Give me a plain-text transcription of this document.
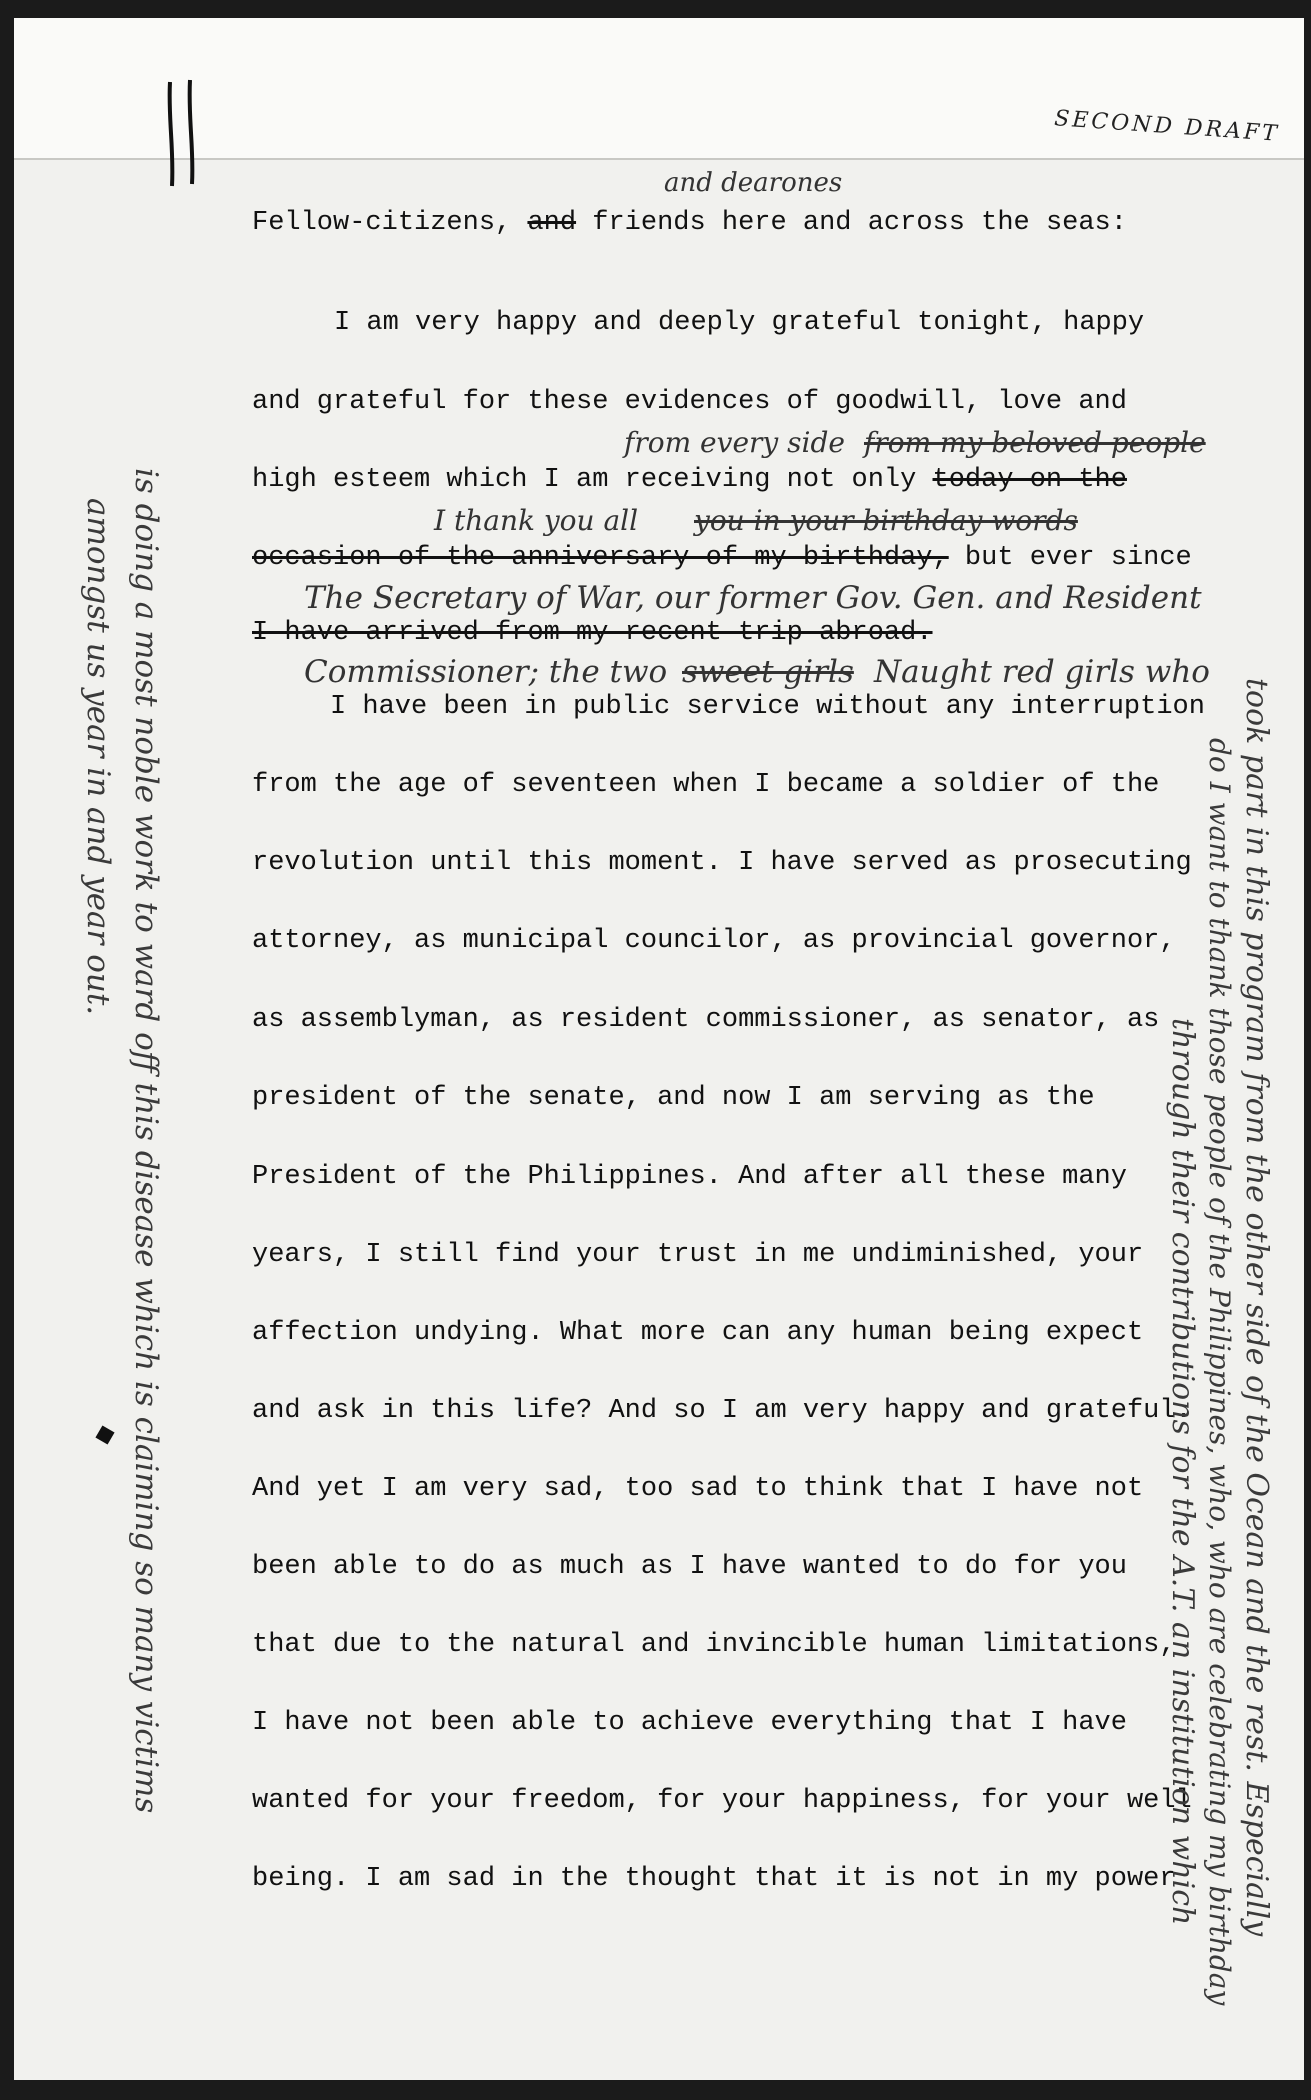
SECOND DRAFT
Fellow-citizens, and friends here and across the seas:
and dearones
I am very happy and deeply grateful tonight, happy
and grateful for these evidences of goodwill, love and
from every side from my beloved people
high esteem which I am receiving not only today on the
I thank you all you in your birthday words
occasion of the anniversary of my birthday, but ever since
The Secretary of War, our former Gov. Gen. and Resident
I have arrived from my recent trip abroad.
Commissioner; the two sweet girls Naught red girls who
I have been in public service without any interruption
from the age of seventeen when I became a soldier of the
revolution until this moment. I have served as prosecuting
attorney, as municipal councilor, as provincial governor,
as assemblyman, as resident commissioner, as senator, as
president of the senate, and now I am serving as the
President of the Philippines. And after all these many
years, I still find your trust in me undiminished, your
affection undying. What more can any human being expect
and ask in this life? And so I am very happy and grateful.
And yet I am very sad, too sad to think that I have not
been able to do as much as I have wanted to do for you
that due to the natural and invincible human limitations,
I have not been able to achieve everything that I have
wanted for your freedom, for your happiness, for your well
being. I am sad in the thought that it is not in my power took part in this program from the other side of the Ocean and the rest. Especially
do I want to thank those people of the Philippines, who, who are celebrating my birthday
through their contributions for the A.T. an institution which
is doing a most noble work to ward off this disease which is claiming so many victims
amongst us year in and year out.
